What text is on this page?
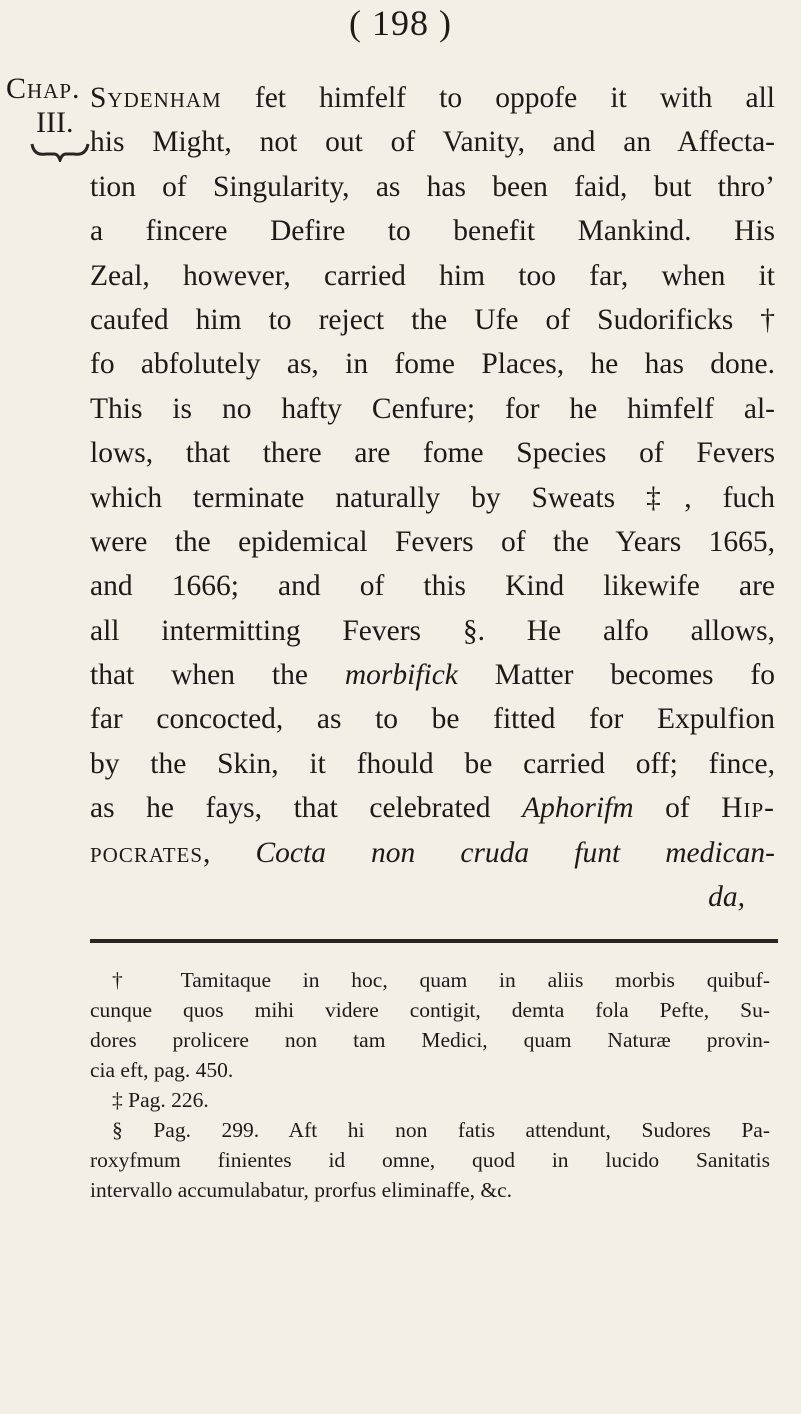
( 198 )
Chap.
III.
Sydenham fet himfelf to oppofe it with all
his Might, not out of Vanity, and an Affecta-
tion of Singularity, as has been faid, but thro’
a fincere Defire to benefit Mankind. His
Zeal, however, carried him too far, when it
caufed him to reject the Ufe of Sudorificks †
fo abfolutely as, in fome Places, he has done.
This is no hafty Cenfure; for he himfelf al-
lows, that there are fome Species of Fevers
which terminate naturally by Sweats ‡, fuch
were the epidemical Fevers of the Years 1665,
and 1666; and of this Kind likewife are
all intermitting Fevers §. He alfo allows,
that when the morbifick Matter becomes fo
far concocted, as to be fitted for Expulfion
by the Skin, it fhould be carried off; fince,
as he fays, that celebrated Aphorifm of Hip-
pocrates, Cocta non cruda funt medican-
da,
† Tamitaque in hoc, quam in aliis morbis quibuf-
cunque quos mihi videre contigit, demta fola Pefte, Su-
dores prolicere non tam Medici, quam Naturæ provin-
cia eft, pag. 450.
‡ Pag. 226.
§ Pag. 299. Aft hi non fatis attendunt, Sudores Pa-
roxyfmum finientes id omne, quod in lucido Sanitatis
intervallo accumulabatur, prorfus eliminaffe, &c.
